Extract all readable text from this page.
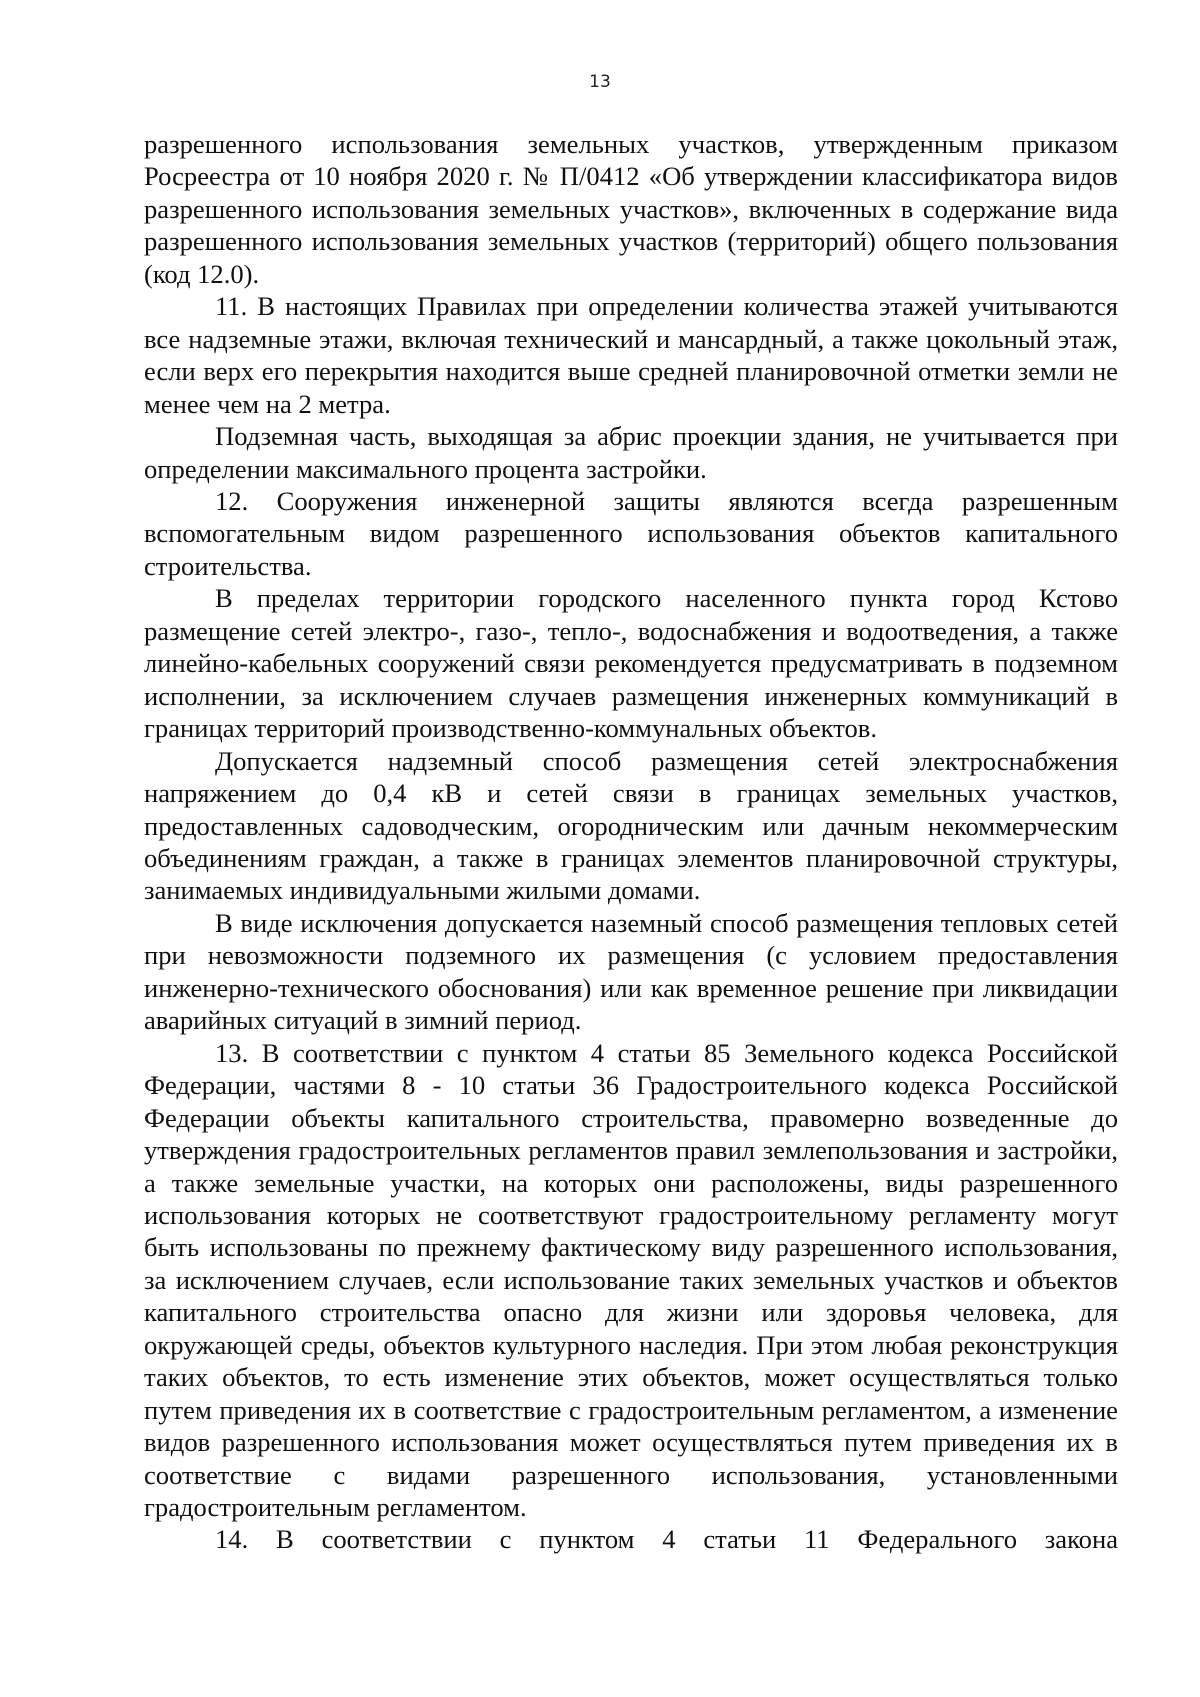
13

разрешенного использования земельных участков, утвержденным приказом Росреестра от 10 ноября 2020 г. № П/0412 «Об утверждении классификатора видов разрешенного использования земельных участков», включенных в содержание вида разрешенного использования земельных участков (территорий) общего пользования (код 12.0).

11. В настоящих Правилах при определении количества этажей учитываются все надземные этажи, включая технический и мансардный, а также цокольный этаж, если верх его перекрытия находится выше средней планировочной отметки земли не менее чем на 2 метра.

Подземная часть, выходящая за абрис проекции здания, не учитывается при определении максимального процента застройки.

12. Сооружения инженерной защиты являются всегда разрешенным вспомогательным видом разрешенного использования объектов капитального строительства.

В пределах территории городского населенного пункта город Кстово размещение сетей электро-, газо-, тепло-, водоснабжения и водоотведения, а также линейно-кабельных сооружений связи рекомендуется предусматривать в подземном исполнении, за исключением случаев размещения инженерных коммуникаций в границах территорий производственно-коммунальных объектов.

Допускается надземный способ размещения сетей электроснабжения напряжением до 0,4 кВ и сетей связи в границах земельных участков, предоставленных садоводческим, огородническим или дачным некоммерческим объединениям граждан, а также в границах элементов планировочной структуры, занимаемых индивидуальными жилыми домами.

В виде исключения допускается наземный способ размещения тепловых сетей при невозможности подземного их размещения (с условием предоставления инженерно-технического обоснования) или как временное решение при ликвидации аварийных ситуаций в зимний период.

13. В соответствии с пунктом 4 статьи 85 Земельного кодекса Российской Федерации, частями 8 - 10 статьи 36 Градостроительного кодекса Российской Федерации объекты капитального строительства, правомерно возведенные до утверждения градостроительных регламентов правил землепользования и застройки, а также земельные участки, на которых они расположены, виды разрешенного использования которых не соответствуют градостроительному регламенту могут быть использованы по прежнему фактическому виду разрешенного использования, за исключением случаев, если использование таких земельных участков и объектов капитального строительства опасно для жизни или здоровья человека, для окружающей среды, объектов культурного наследия. При этом любая реконструкция таких объектов, то есть изменение этих объектов, может осуществляться только путем приведения их в соответствие с градостроительным регламентом, а изменение видов разрешенного использования может осуществляться путем приведения их в соответствие с видами разрешенного использования, установленными градостроительным регламентом.

14. В соответствии с пунктом 4 статьи 11 Федерального закона
